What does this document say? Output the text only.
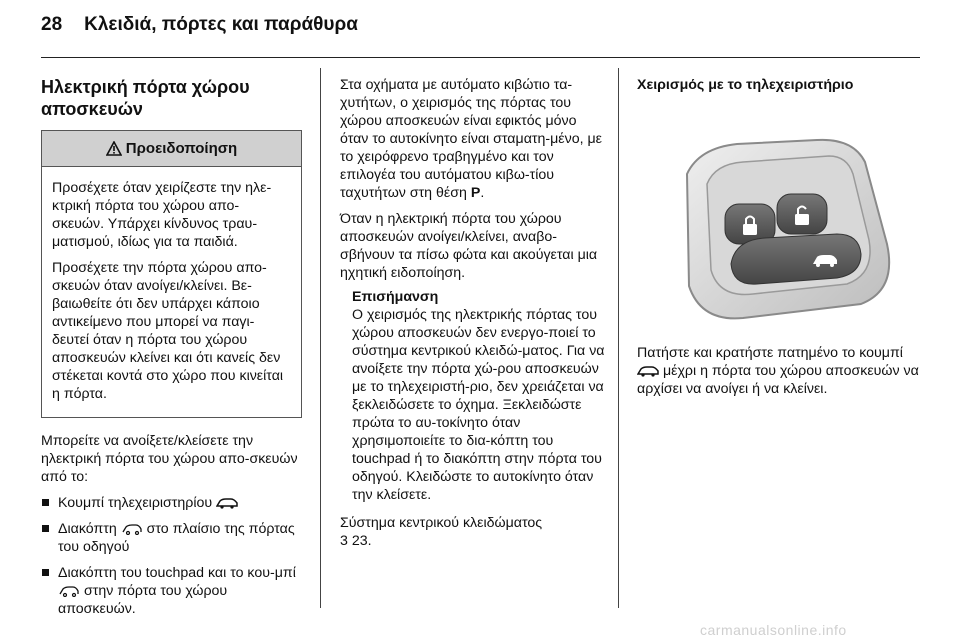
28 Κλειδιά, πόρτες και παράθυρα
Ηλεκτρική πόρτα χώρου
αποσκευών
Προειδοποίηση

Προσέχετε όταν χειρίζεστε την ηλε-κτρική πόρτα του χώρου απο-σκευών. Υπάρχει κίνδυνος τραυ-ματισμού, ιδίως για τα παιδιά.

Προσέχετε την πόρτα χώρου απο-σκευών όταν ανοίγει/κλείνει. Βε-βαιωθείτε ότι δεν υπάρχει κάποιο αντικείμενο που μπορεί να παγι-δευτεί όταν η πόρτα του χώρου αποσκευών κλείνει και ότι κανείς δεν στέκεται κοντά στο χώρο που κινείται η πόρτα.

Μπορείτε να ανοίξετε/κλείσετε την ηλεκτρική πόρτα του χώρου απο-σκευών από το:

Κουμπί τηλεχειριστηρίου
Διακόπτη στο πλαίσιο της πόρτας του οδηγού
Διακόπτη του touchpad και το κου-μπί  στην πόρτα του χώρου αποσκευών.

Στα οχήματα με αυτόματο κιβώτιο τα-χυτήτων, ο χειρισμός της πόρτας του χώρου αποσκευών είναι εφικτός μόνο όταν το αυτοκίνητο είναι σταματη-μένο, με το χειρόφρενο τραβηγμένο και τον επιλογέα του αυτόματου κιβω-τίου ταχυτήτων στη θέση P.

Όταν η ηλεκτρική πόρτα του χώρου αποσκευών ανοίγει/κλείνει, αναβο-σβήνουν τα πίσω φώτα και ακούγεται μια ηχητική ειδοποίηση.

Επισήμανση
Ο χειρισμός της ηλεκτρικής πόρτας του χώρου αποσκευών δεν ενεργο-ποιεί το σύστημα κεντρικού κλειδώ-ματος. Για να ανοίξετε την πόρτα χώ-ρου αποσκευών με το τηλεχειριστή-ριο, δεν χρειάζεται να ξεκλειδώσετε το όχημα. Ξεκλειδώστε πρώτα το αυ-τοκίνητο όταν χρησιμοποιείτε το δια-κόπτη του touchpad ή το διακόπτη στην πόρτα του οδηγού. Κλειδώστε το αυτοκίνητο όταν την κλείσετε.

Σύστημα κεντρικού κλειδώματος
3 23.

Χειρισμός με το τηλεχειριστήριο

Πατήστε και κρατήστε πατημένο το κουμπί  μέχρι η πόρτα του χώρου αποσκευών να αρχίσει να ανοίγει ή να κλείνει.

carmanualsonline.info
